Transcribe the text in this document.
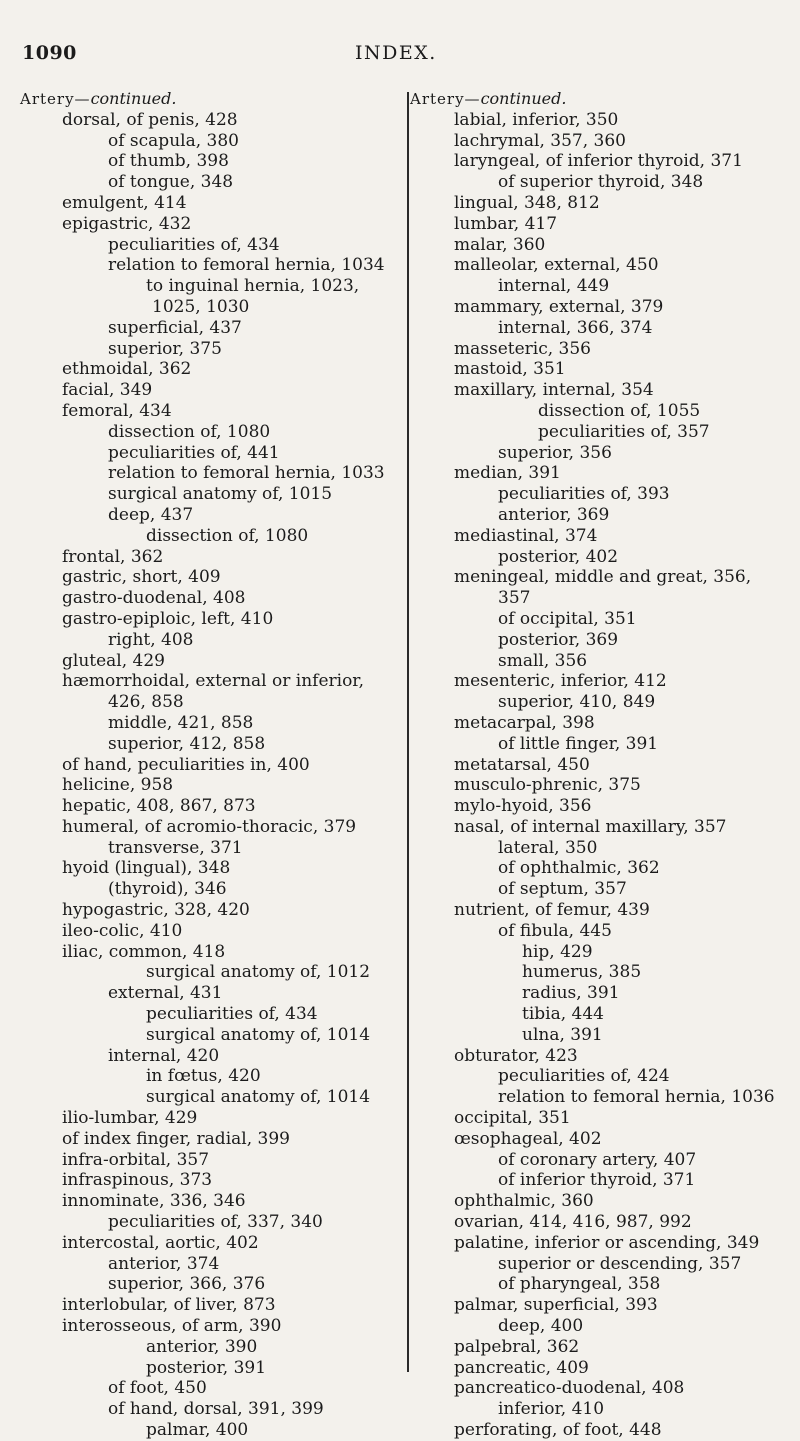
1090	INDEX.
Artery—continued.
dorsal, of penis, 428
of scapula, 380
of thumb, 398
of tongue, 348
emulgent, 414
epigastric, 432
peculiarities of, 434
relation to femoral hernia, 1034
to inguinal hernia, 1023,
1025, 1030
superficial, 437
superior, 375
ethmoidal, 362
facial, 349
femoral, 434
dissection of, 1080
peculiarities of, 441
relation to femoral hernia, 1033
surgical anatomy of, 1015
deep, 437
dissection of, 1080
frontal, 362
gastric, short, 409
gastro-duodenal, 408
gastro-epiploic, left, 410
right, 408
gluteal, 429
hæmorrhoidal, external or inferior,
426, 858
middle, 421, 858
superior, 412, 858
of hand, peculiarities in, 400
helicine, 958
hepatic, 408, 867, 873
humeral, of acromio-thoracic, 379
transverse, 371
hyoid (lingual), 348
(thyroid), 346
hypogastric, 328, 420
ileo-colic, 410
iliac, common, 418
surgical anatomy of, 1012
external, 431
peculiarities of, 434
surgical anatomy of, 1014
internal, 420
in fœtus, 420
surgical anatomy of, 1014
ilio-lumbar, 429
of index finger, radial, 399
infra-orbital, 357
infraspinous, 373
innominate, 336, 346
peculiarities of, 337, 340
intercostal, aortic, 402
anterior, 374
superior, 366, 376
interlobular, of liver, 873
interosseous, of arm, 390
anterior, 390
posterior, 391
of foot, 450
of hand, dorsal, 391, 399
palmar, 400
Artery—continued.
labial, inferior, 350
lachrymal, 357, 360
laryngeal, of inferior thyroid, 371
of superior thyroid, 348
lingual, 348, 812
lumbar, 417
malar, 360
malleolar, external, 450
internal, 449
mammary, external, 379
internal, 366, 374
masseteric, 356
mastoid, 351
maxillary, internal, 354
dissection of, 1055
peculiarities of, 357
superior, 356
median, 391
peculiarities of, 393
anterior, 369
mediastinal, 374
posterior, 402
meningeal, middle and great, 356,
357
of occipital, 351
posterior, 369
small, 356
mesenteric, inferior, 412
superior, 410, 849
metacarpal, 398
of little finger, 391
metatarsal, 450
musculo-phrenic, 375
mylo-hyoid, 356
nasal, of internal maxillary, 357
lateral, 350
of ophthalmic, 362
of septum, 357
nutrient, of femur, 439
of fibula, 445
hip, 429
humerus, 385
radius, 391
tibia, 444
ulna, 391
obturator, 423
peculiarities of, 424
relation to femoral hernia, 1036
occipital, 351
œsophageal, 402
of coronary artery, 407
of inferior thyroid, 371
ophthalmic, 360
ovarian, 414, 416, 987, 992
palatine, inferior or ascending, 349
superior or descending, 357
of pharyngeal, 358
palmar, superficial, 393
deep, 400
palpebral, 362
pancreatic, 409
pancreatico-duodenal, 408
inferior, 410
perforating, of foot, 448
